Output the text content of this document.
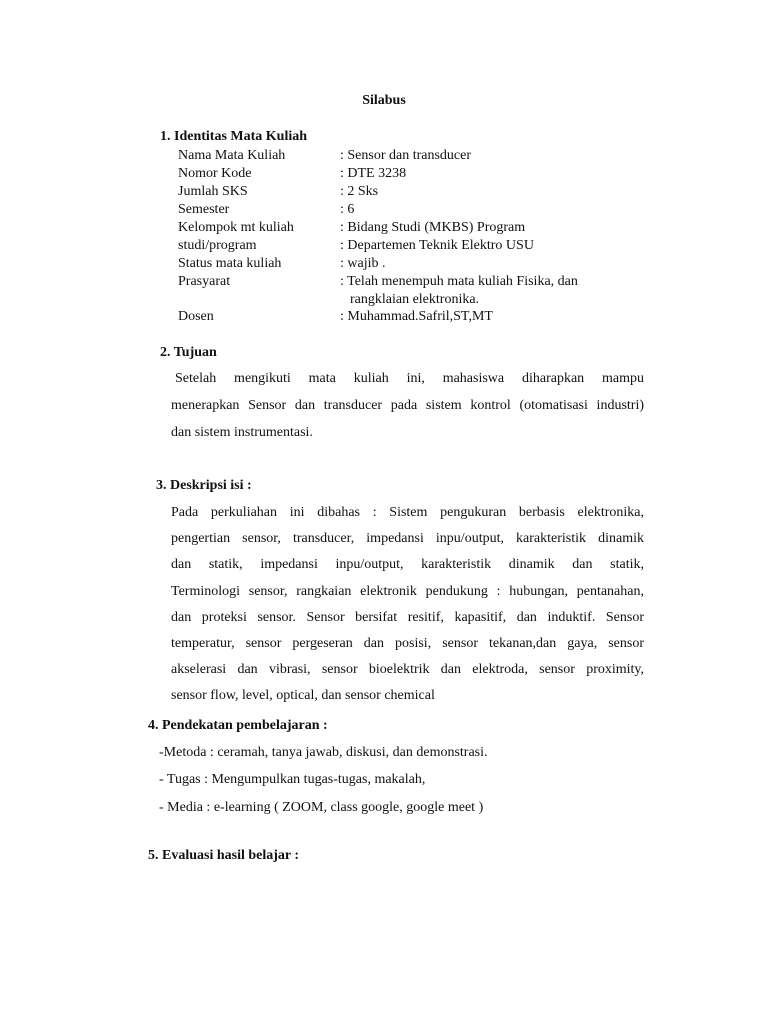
Silabus
1. Identitas Mata Kuliah
Nama Mata Kuliah	: Sensor dan transducer
Nomor Kode	: DTE 3238
Jumlah SKS	: 2 Sks
Semester	: 6
Kelompok mt kuliah	: Bidang Studi (MKBS) Program
studi/program	: Departemen Teknik Elektro USU
Status mata kuliah	: wajib .
Prasyarat	: Telah menempuh mata kuliah Fisika, dan
rangklaian elektronika.
Dosen	: Muhammad.Safril,ST,MT
2. Tujuan
Setelah mengikuti mata kuliah ini, mahasiswa diharapkan mampu
menerapkan Sensor dan transducer pada sistem kontrol (otomatisasi industri)
dan sistem instrumentasi.
3. Deskripsi isi :
Pada perkuliahan ini dibahas : Sistem pengukuran berbasis elektronika,
pengertian sensor, transducer, impedansi inpu/output, karakteristik dinamik
dan statik, impedansi inpu/output, karakteristik dinamik dan statik,
Terminologi sensor, rangkaian elektronik pendukung : hubungan, pentanahan,
dan proteksi sensor. Sensor bersifat resitif, kapasitif, dan induktif. Sensor
temperatur, sensor pergeseran dan posisi, sensor tekanan,dan gaya, sensor
akselerasi dan vibrasi, sensor bioelektrik dan elektroda, sensor proximity,
sensor flow, level, optical, dan sensor chemical
4. Pendekatan pembelajaran :
-Metoda : ceramah, tanya jawab, diskusi, dan demonstrasi.
- Tugas : Mengumpulkan tugas-tugas, makalah,
- Media : e-learning ( ZOOM, class google, google meet )
5. Evaluasi hasil belajar :
